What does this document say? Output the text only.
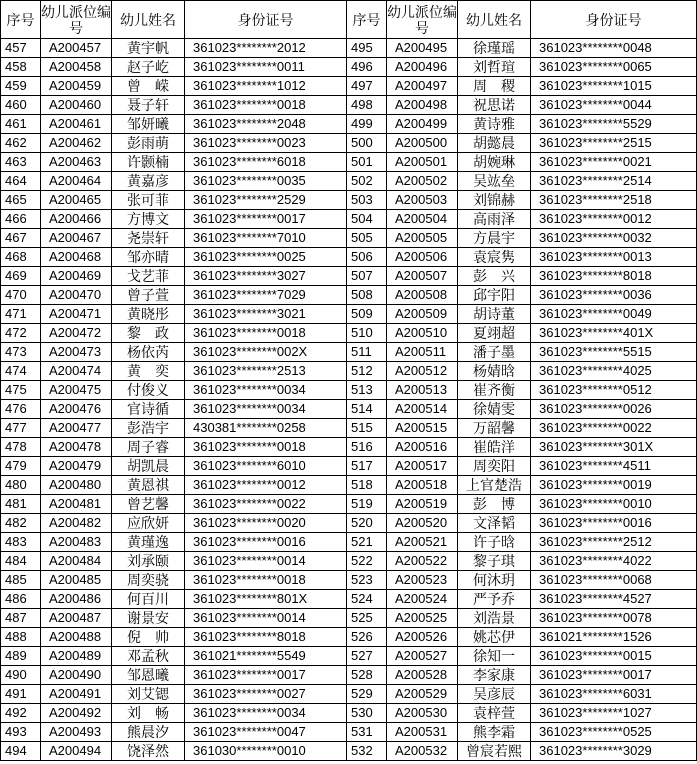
序号	幼儿派位编号	幼儿姓名	身份证号	序号	幼儿派位编号	幼儿姓名	身份证号
457	A200457	黄宇帆	361023********2012	495	A200495	徐瑾瑶	361023********0048
458	A200458	赵子屹	361023********0011	496	A200496	刘哲瑄	361023********0065
459	A200459	曾　嵘	361023********1012	497	A200497	周　稷	361023********1015
460	A200460	聂子轩	361023********0018	498	A200498	祝思诺	361023********0044
461	A200461	邹妍曦	361023********2048	499	A200499	黄诗雅	361023********5529
462	A200462	彭雨萌	361023********0023	500	A200500	胡懿晨	361023********2515
463	A200463	许颢楠	361023********6018	501	A200501	胡婉琳	361023********0021
464	A200464	黄嘉彦	361023********0035	502	A200502	吴竑垒	361023********2514
465	A200465	张可菲	361023********2529	503	A200503	刘锦赫	361023********2518
466	A200466	方博文	361023********0017	504	A200504	高雨泽	361023********0012
467	A200467	尧崇轩	361023********7010	505	A200505	方晨宇	361023********0032
468	A200468	邹亦晴	361023********0025	506	A200506	袁宸隽	361023********0013
469	A200469	戈艺菲	361023********3027	507	A200507	彭　兴	361023********8018
470	A200470	曾子萱	361023********7029	508	A200508	邱宇阳	361023********0036
471	A200471	黄晓彤	361023********3021	509	A200509	胡诗董	361023********0049
472	A200472	黎　政	361023********0018	510	A200510	夏翊超	361023********401X
473	A200473	杨依芮	361023********002X	511	A200511	潘子墨	361023********5515
474	A200474	黄　奕	361023********2513	512	A200512	杨婧晗	361023********4025
475	A200475	付俊义	361023********0034	513	A200513	崔齐衡	361023********0512
476	A200476	官诗循	361023********0034	514	A200514	徐婧雯	361023********0026
477	A200477	彭浩宇	430381********0258	515	A200515	万韶馨	361023********0022
478	A200478	周子睿	361023********0018	516	A200516	崔皓洋	361023********301X
479	A200479	胡凯晨	361023********6010	517	A200517	周奕阳	361023********4511
480	A200480	黄恩祺	361023********0012	518	A200518	上官楚浩	361023********0019
481	A200481	曾艺馨	361023********0022	519	A200519	彭　博	361023********0010
482	A200482	应欣妍	361023********0020	520	A200520	文泽韬	361023********0016
483	A200483	黄瑾逸	361023********0016	521	A200521	许子晗	361023********2512
484	A200484	刘承颐	361023********0014	522	A200522	黎子琪	361023********4022
485	A200485	周奕骁	361023********0018	523	A200523	何沐玥	361023********0068
486	A200486	何百川	361023********801X	524	A200524	严予乔	361023********4527
487	A200487	谢景安	361023********0014	525	A200525	刘浩景	361023********0078
488	A200488	倪　帅	361023********8018	526	A200526	姚芯伊	361021********1526
489	A200489	邓孟秋	361021********5549	527	A200527	徐知一	361023********0015
490	A200490	邹恩曦	361023********0017	528	A200528	李家康	361023********0017
491	A200491	刘艾锶	361023********0027	529	A200529	吴彦辰	361023********6031
492	A200492	刘　畅	361023********0034	530	A200530	袁梓萱	361023********1027
493	A200493	熊晨汐	361023********0047	531	A200531	熊李霜	361023********0525
494	A200494	饶泽然	361030********0010	532	A200532	曾宸若熙	361023********3029
